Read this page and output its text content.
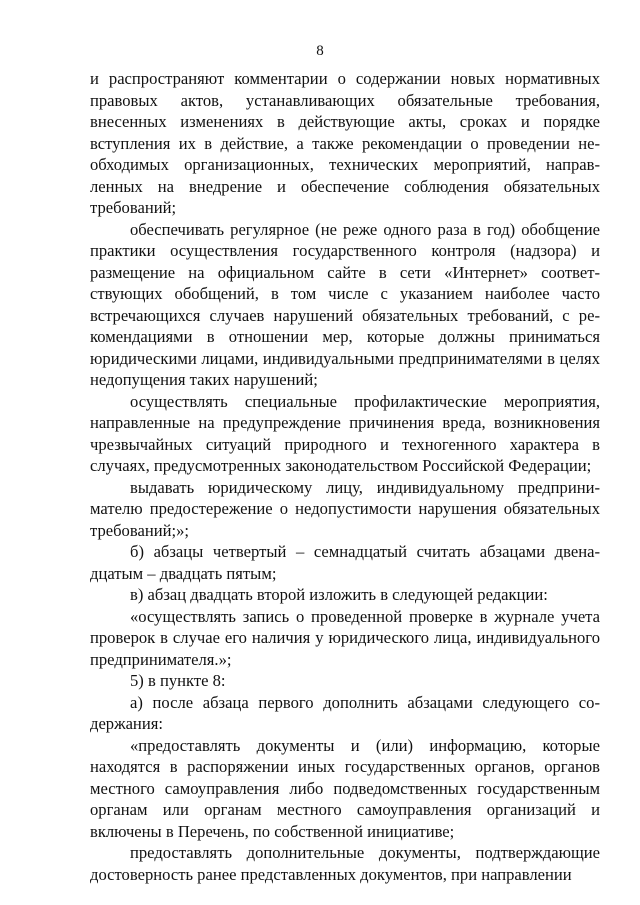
8

и распространяют комментарии о содержании новых нормативных правовых актов, устанавливающих обязательные требования, внесенных изменениях в действующие акты, сроках и порядке вступления их в действие, а также рекомендации о проведении необходимых организационных, технических мероприятий, направленных на внедрение и обеспечение соблюдения обязательных требований;

обеспечивать регулярное (не реже одного раза в год) обобщение практики осуществления государственного контроля (надзора) и размещение на официальном сайте в сети «Интернет» соответствующих обобщений, в том числе с указанием наиболее часто встречающихся случаев нарушений обязательных требований, с рекомендациями в отношении мер, которые должны приниматься юридическими лицами, индивидуальными предпринимателями в целях недопущения таких нарушений;

осуществлять специальные профилактические мероприятия, направленные на предупреждение причинения вреда, возникновения чрезвычайных ситуаций природного и техногенного характера в случаях, предусмотренных законодательством Российской Федерации;

выдавать юридическому лицу, индивидуальному предпринимателю предостережение о недопустимости нарушения обязательных требований;»;

б) абзацы четвертый – семнадцатый считать абзацами двенадцатым – двадцать пятым;

в) абзац двадцать второй изложить в следующей редакции:

«осуществлять запись о проведенной проверке в журнале учета проверок в случае его наличия у юридического лица, индивидуального предпринимателя.»;

5) в пункте 8:

а) после абзаца первого дополнить абзацами следующего содержания:

«предоставлять документы и (или) информацию, которые находятся в распоряжении иных государственных органов, органов местного самоуправления либо подведомственных государственным органам или органам местного самоуправления организаций и включены в Перечень, по собственной инициативе;

предоставлять дополнительные документы, подтверждающие достоверность ранее представленных документов, при направлении
